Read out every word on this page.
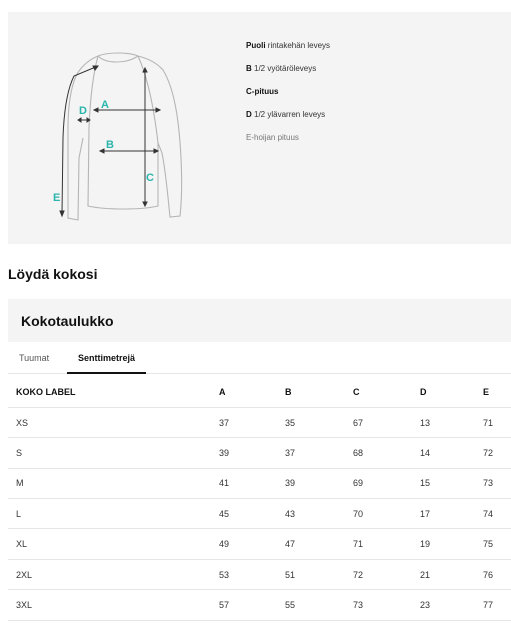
A
B
C
D
E
Puoli rintakehän leveys
B 1/2 vyötäröleveys
C-pituus
D 1/2 ylävarren leveys
E-hoijan pituus
Löydä kokosi
Kokotaulukko
Tuumat	Senttimetrejä
KOKO LABEL	A	B	C	D	E
XS	37	35	67	13	71
S	39	37	68	14	72
M	41	39	69	15	73
L	45	43	70	17	74
XL	49	47	71	19	75
2XL	53	51	72	21	76
3XL	57	55	73	23	77
